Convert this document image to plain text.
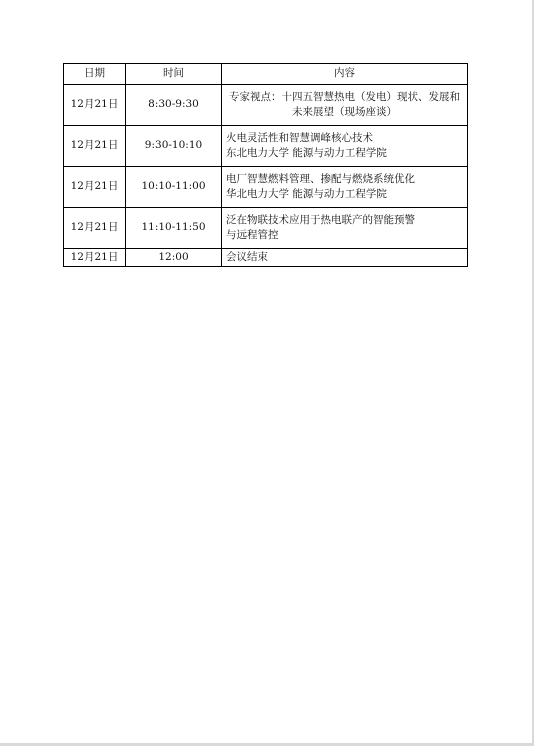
日期	时间	内容
12月21日	8:30-9:30	专家视点：十四五智慧热电（发电）现状、发展和
未来展望（现场座谈）

12月21日	9:30-10:10	火电灵活性和智慧调峰核心技术
东北电力大学 能源与动力工程学院

12月21日	10:10-11:00	电厂智慧燃料管理、掺配与燃烧系统优化
华北电力大学 能源与动力工程学院

12月21日	11:10-11:50	泛在物联技术应用于热电联产的智能预警
与远程管控

12月21日	12:00	会议结束
